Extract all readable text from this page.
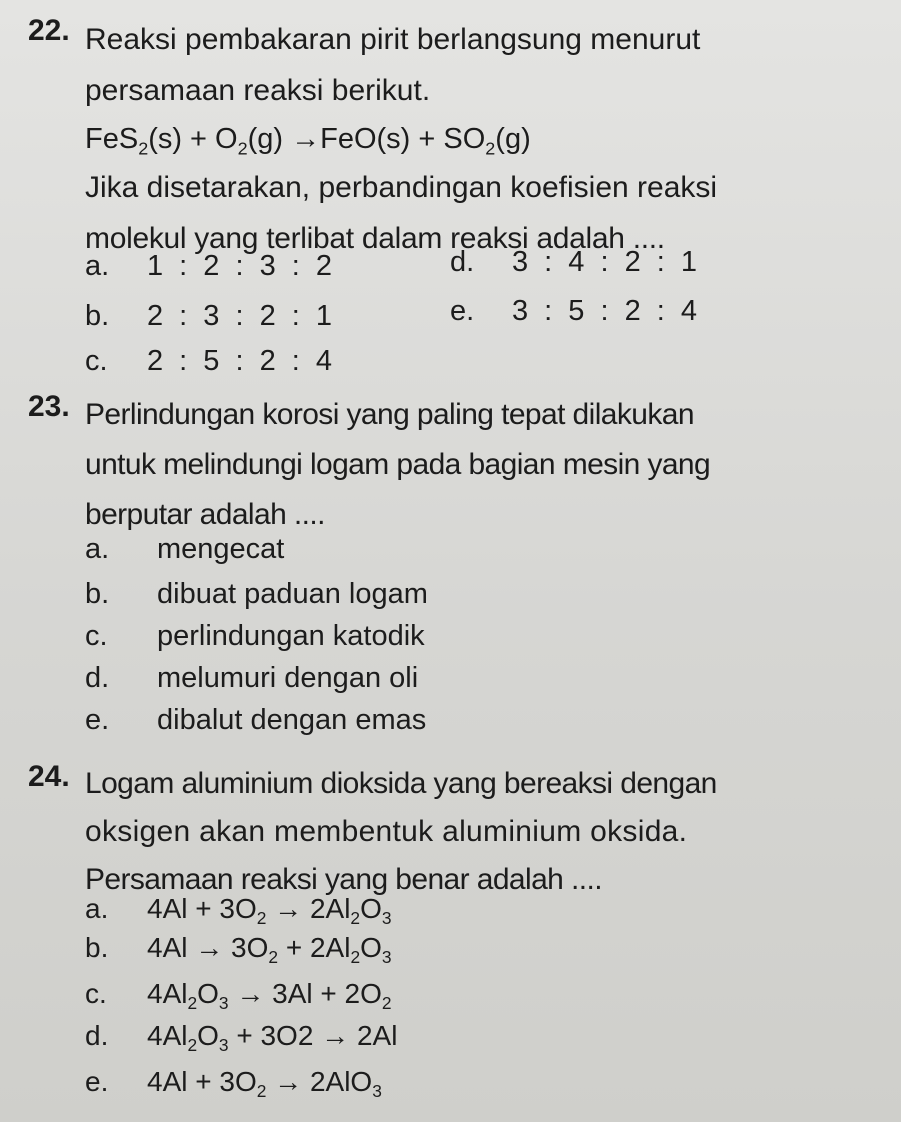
22. Reaksi pembakaran pirit berlangsung menurut
persamaan reaksi berikut.
$FeS_2(s) + O_2(g) \to FeO(s) + SO_2(g)$
Jika disetarakan, perbandingan koefisien reaksi
molekul yang terlibat dalam reaksi adalah ....
a. 1 : 2 : 3 : 2
b. 2 : 3 : 2 : 1
c. 2 : 5 : 2 : 4
d. 3 : 4 : 2 : 1
e. 3 : 5 : 2 : 4
23. Perlindungan korosi yang paling tepat dilakukan
untuk melindungi logam pada bagian mesin yang
berputar adalah ....
a. mengecat
b. dibuat paduan logam
c. perlindungan katodik
d. melumuri dengan oli
e. dibalut dengan emas
24. Logam aluminium dioksida yang bereaksi dengan
oksigen akan membentuk aluminium oksida.
Persamaan reaksi yang benar adalah ....
a. $4Al + 3O_2 \to 2Al_2O_3$
b. $4Al \to 3O_2 + 2Al_2O_3$
c. $4Al_2O_3 \to 3Al + 2O_2$
d. $4Al_2O_3 + 3O2 \to 2Al$
e. $4Al + 3O_2 \to 2AlO_3$
